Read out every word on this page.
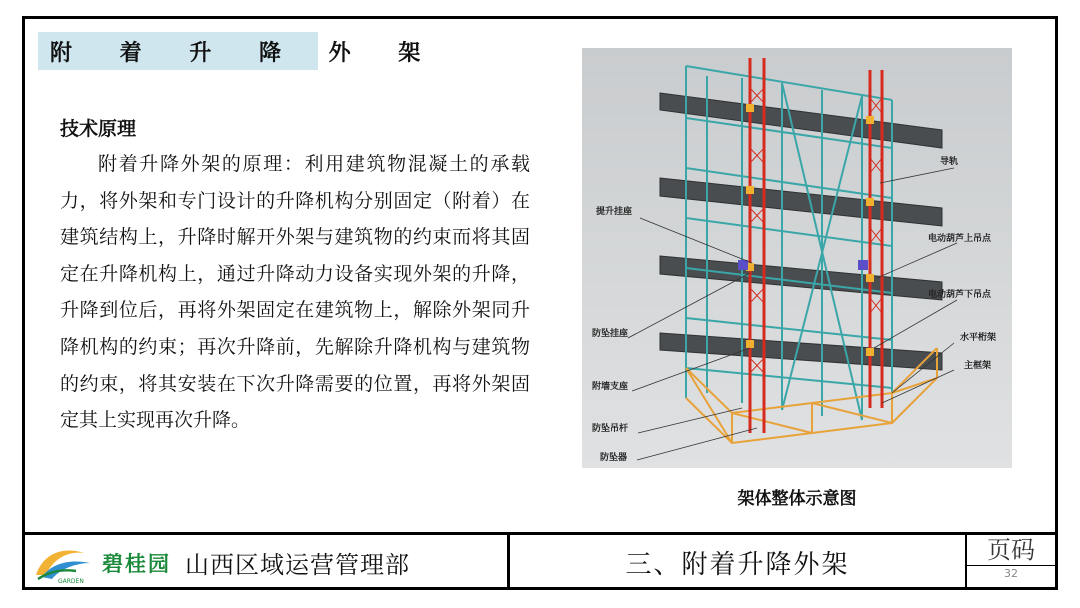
附 着 升 降 外 架
技术原理
附着升降外架的原理：利用建筑物混凝土的承载力，将外架和专门设计的升降机构分别固定（附着）在建筑结构上，升降时解开外架与建筑物的约束而将其固定在升降机构上，通过升降动力设备实现外架的升降，升降到位后，再将外架固定在建筑物上，解除外架同升降机构的约束；再次升降前，先解除升降机构与建筑物的约束，将其安装在下次升降需要的位置，再将外架固定其上实现再次升降。
导轨
提升挂座
电动葫芦上吊点
电动葫芦下吊点
防坠挂座	水平桁架
主框架
附墙支座
防坠吊杆
防坠器
架体整体示意图
GARDEN
碧桂园 山西区域运营管理部	三、附着升降外架	页码
32
